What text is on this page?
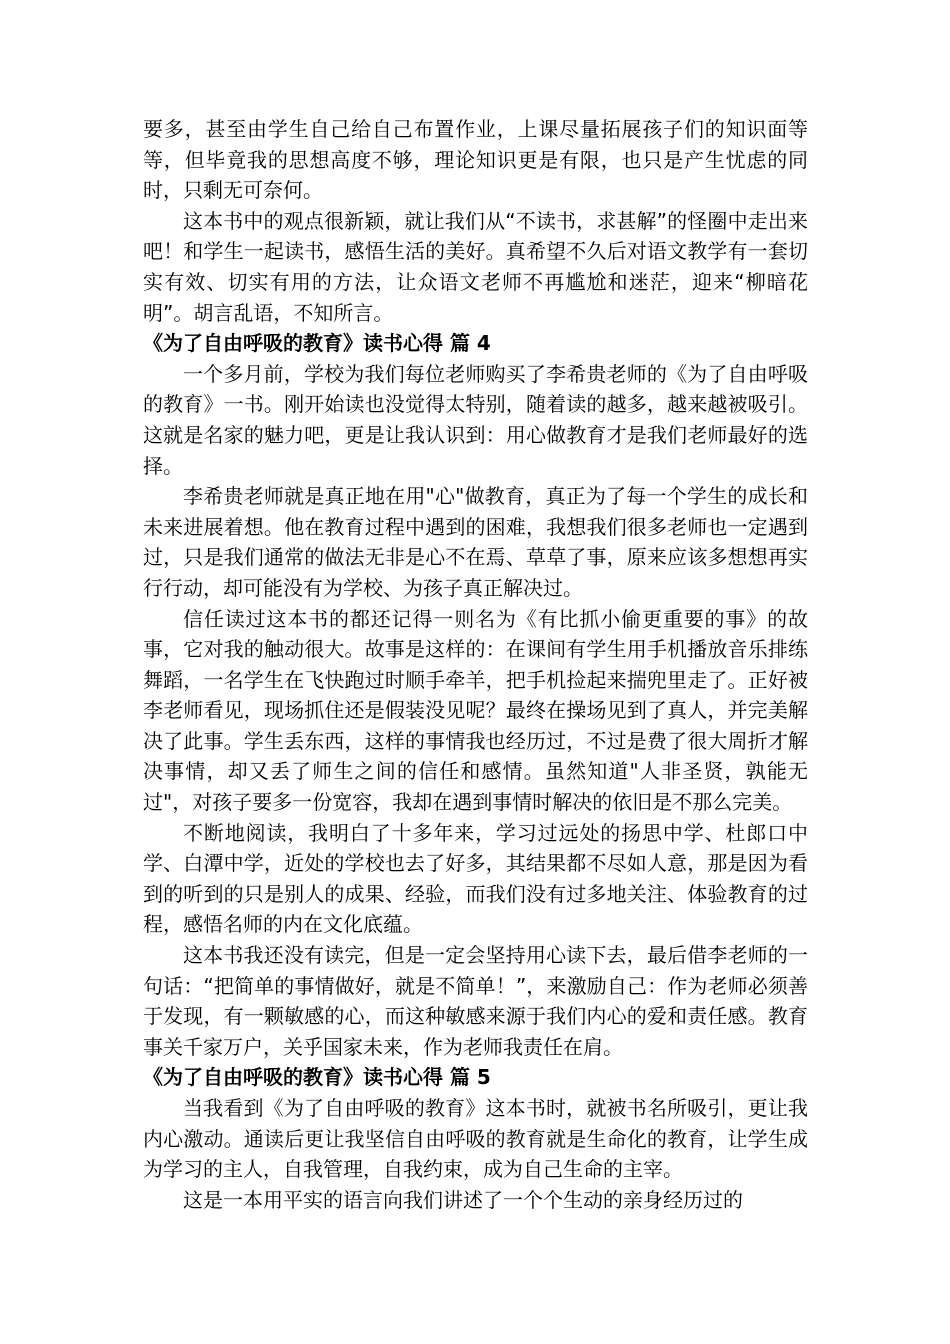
要多，甚至由学生自己给自己布置作业，上课尽量拓展孩子们的知识面等等，但毕竟我的思想高度不够，理论知识更是有限，也只是产生忧虑的同时，只剩无可奈何。

这本书中的观点很新颖，就让我们从“不读书，求甚解”的怪圈中走出来吧！和学生一起读书，感悟生活的美好。真希望不久后对语文教学有一套切实有效、切实有用的方法，让众语文老师不再尴尬和迷茫，迎来“柳暗花明”。胡言乱语，不知所言。

《为了自由呼吸的教育》读书心得 篇 4

一个多月前，学校为我们每位老师购买了李希贵老师的《为了自由呼吸的教育》一书。刚开始读也没觉得太特别，随着读的越多，越来越被吸引。这就是名家的魅力吧，更是让我认识到：用心做教育才是我们老师最好的选择。

李希贵老师就是真正地在用"心"做教育，真正为了每一个学生的成长和未来进展着想。他在教育过程中遇到的困难，我想我们很多老师也一定遇到过，只是我们通常的做法无非是心不在焉、草草了事，原来应该多想想再实行行动，却可能没有为学校、为孩子真正解决过。

信任读过这本书的都还记得一则名为《有比抓小偷更重要的事》的故事，它对我的触动很大。故事是这样的：在课间有学生用手机播放音乐排练舞蹈，一名学生在飞快跑过时顺手牵羊，把手机捡起来揣兜里走了。正好被李老师看见，现场抓住还是假装没见呢？最终在操场见到了真人，并完美解决了此事。学生丢东西，这样的事情我也经历过，不过是费了很大周折才解决事情，却又丢了师生之间的信任和感情。虽然知道"人非圣贤，孰能无过"，对孩子要多一份宽容，我却在遇到事情时解决的依旧是不那么完美。

不断地阅读，我明白了十多年来，学习过远处的扬思中学、杜郎口中学、白潭中学，近处的学校也去了好多，其结果都不尽如人意，那是因为看到的听到的只是别人的成果、经验，而我们没有过多地关注、体验教育的过程，感悟名师的内在文化底蕴。

这本书我还没有读完，但是一定会坚持用心读下去，最后借李老师的一句话：“把简单的事情做好，就是不简单！”，来激励自己：作为老师必须善于发现，有一颗敏感的心，而这种敏感来源于我们内心的爱和责任感。教育事关千家万户，关乎国家未来，作为老师我责任在肩。

《为了自由呼吸的教育》读书心得 篇 5

当我看到《为了自由呼吸的教育》这本书时，就被书名所吸引，更让我内心激动。通读后更让我坚信自由呼吸的教育就是生命化的教育，让学生成为学习的主人，自我管理，自我约束，成为自己生命的主宰。

这是一本用平实的语言向我们讲述了一个个生动的亲身经历过的
